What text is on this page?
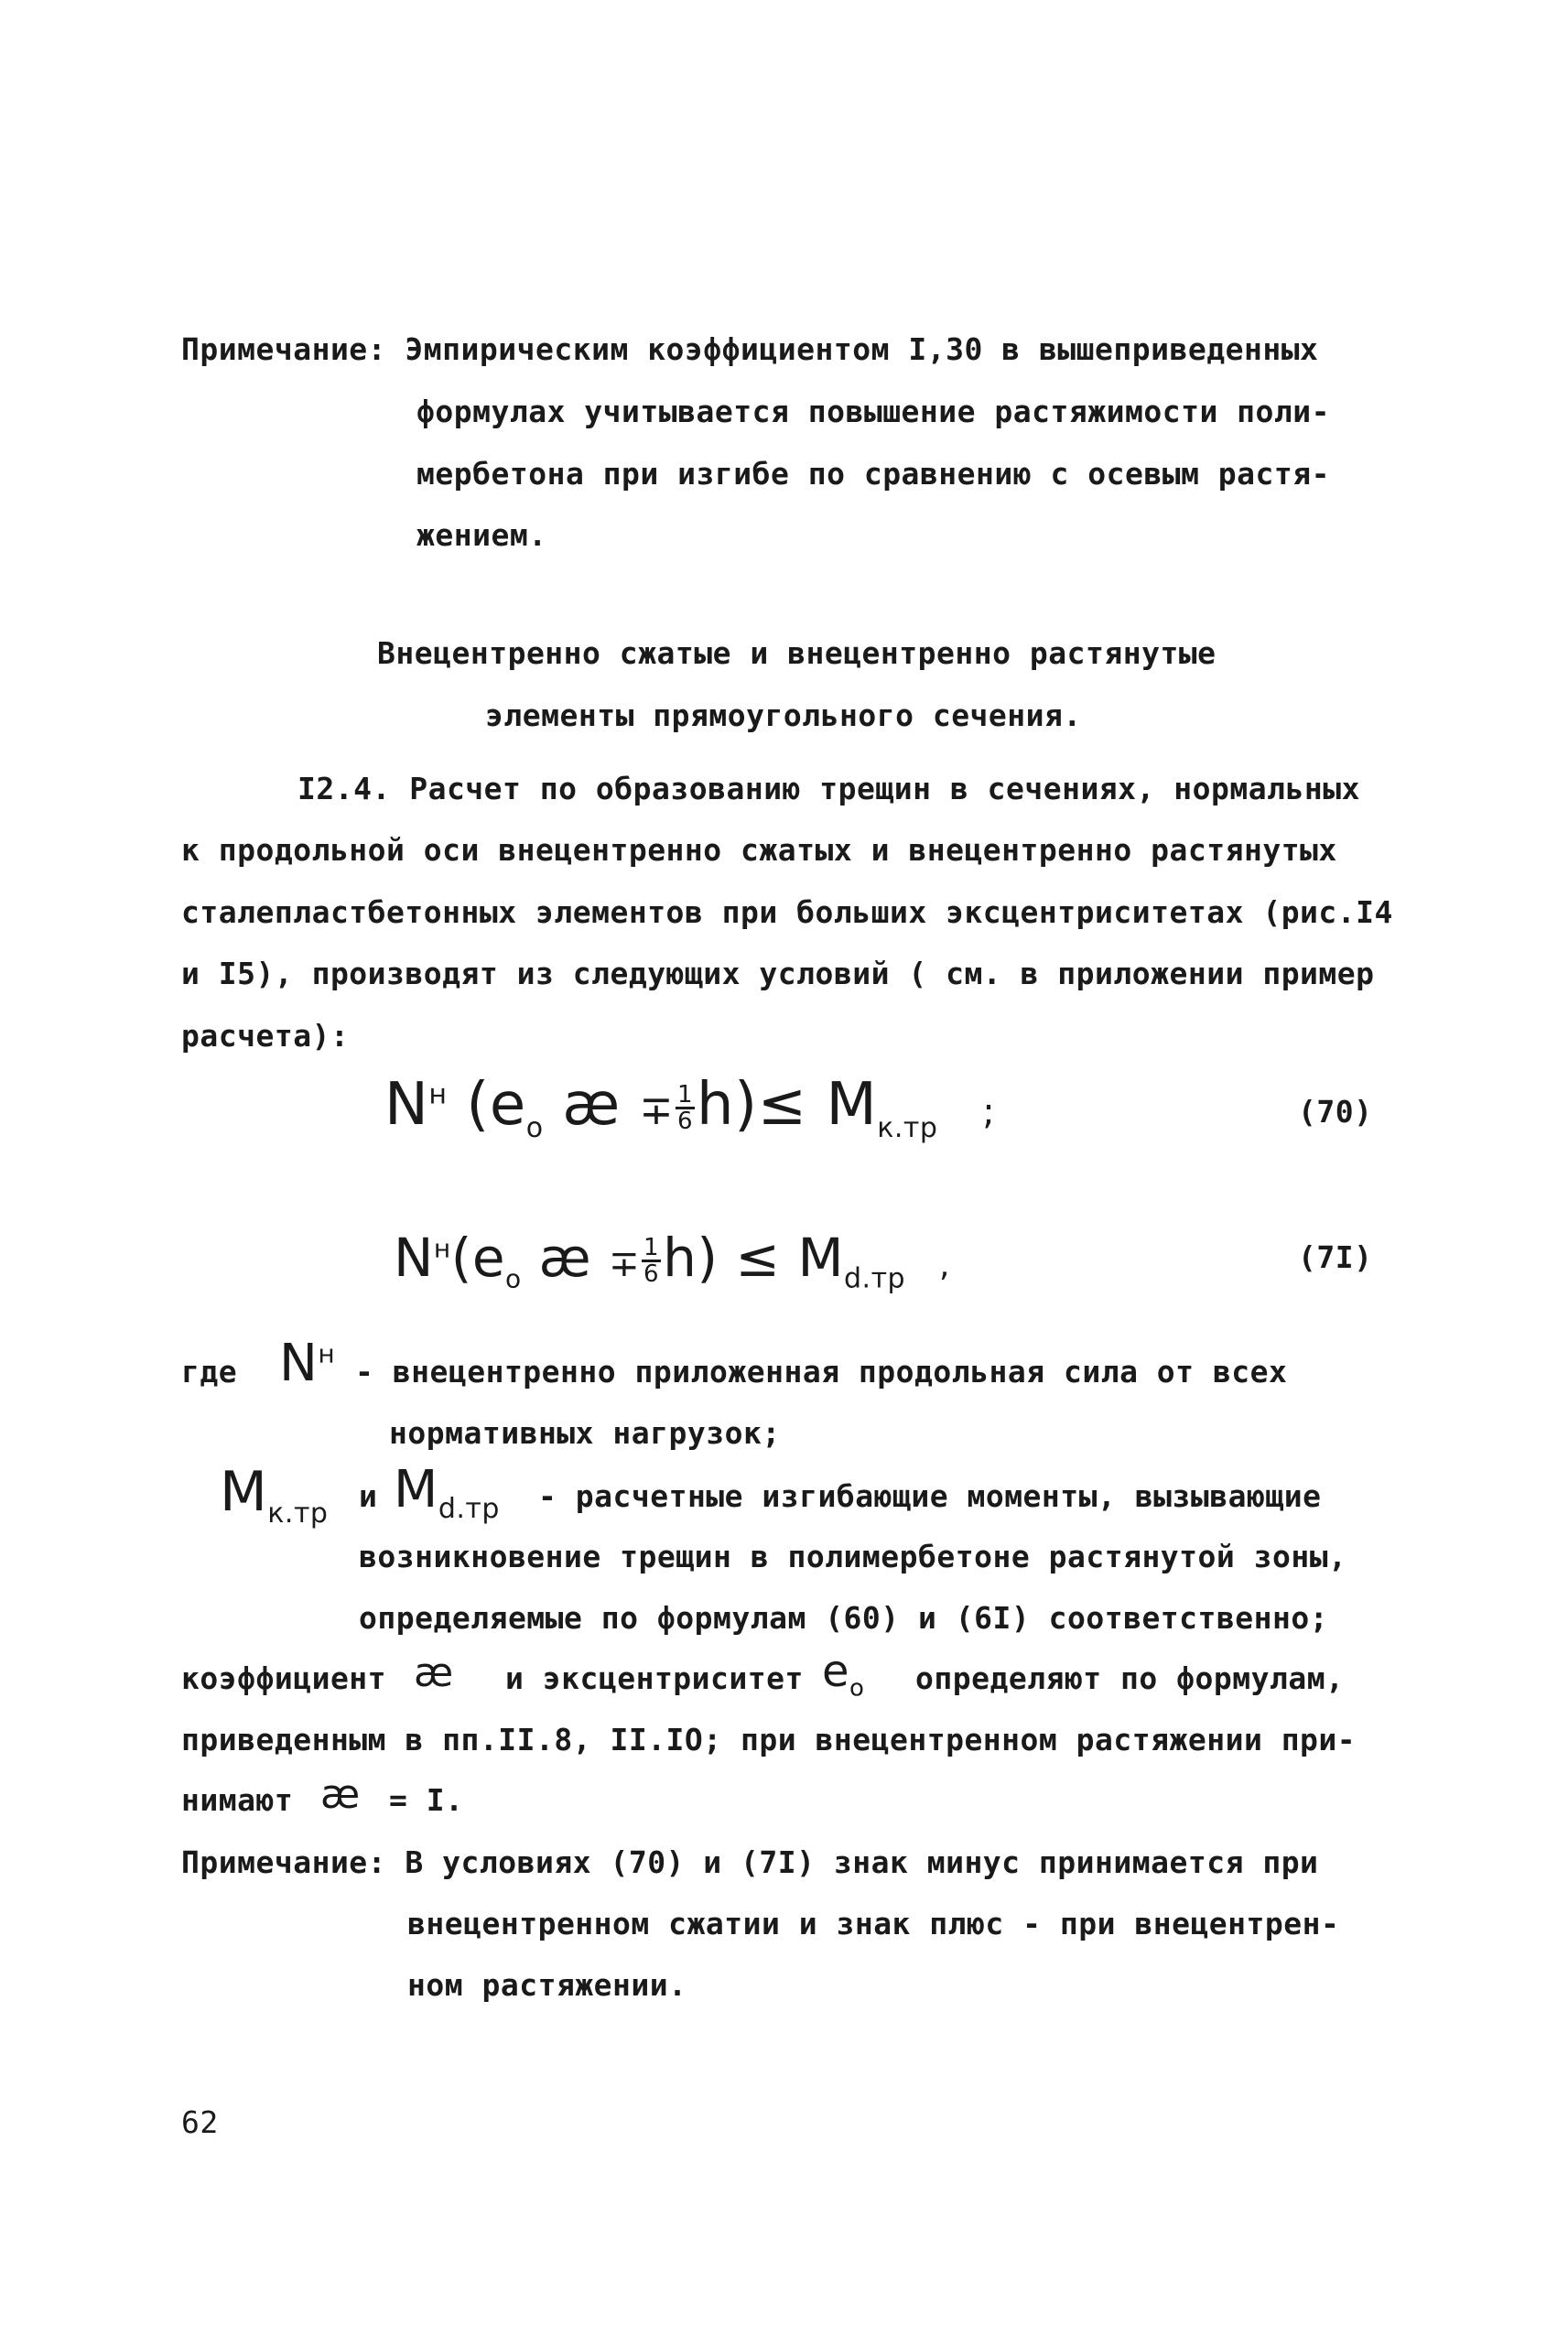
Примечание: Эмпирическим коэффициентом I,30 в вышеприведенных
формулах учитывается повышение растяжимости поли-
мербетона при изгибе по сравнению с осевым растя-
жением.
Внецентренно сжатые и внецентренно растянутые
элементы прямоугольного сечения.
I2.4. Расчет по образованию трещин в сечениях, нормальных
к продольной оси внецентренно сжатых и внецентренно растянутых
сталепластбетонных элементов при больших эксцентриситетах (рис.I4
и I5), производят из следующих условий ( см. в приложении пример
расчета):
$N^н$ ($e_o$ æ ∓ $\frac{1}{6} h)\le M_{к.тр}$ ;	(70)
$N^н(e_o$ æ ∓ $\frac{1}{6} h) \le M_{d.тр}$ ,	(7I)
где $N^н$
- внецентренно приложенная продольная сила от всех
нормативных нагрузок;
$M_{к.тр}$ и $M_{d.тр}$ - расчетные изгибающие моменты, вызывающие
возникновение трещин в полимербетоне растянутой зоны,
определяемые по формулам (60) и (6I) соответственно;
коэффициент æ и эксцентриситет $e_o$ определяют по формулам,
приведенным в пп.II.8, II.IO; при внецентренном растяжении при-
нимают æ = I.
Примечание: В условиях (70) и (7I) знак минус принимается при
внецентренном сжатии и знак плюс - при внецентрен-
ном растяжении.
62
